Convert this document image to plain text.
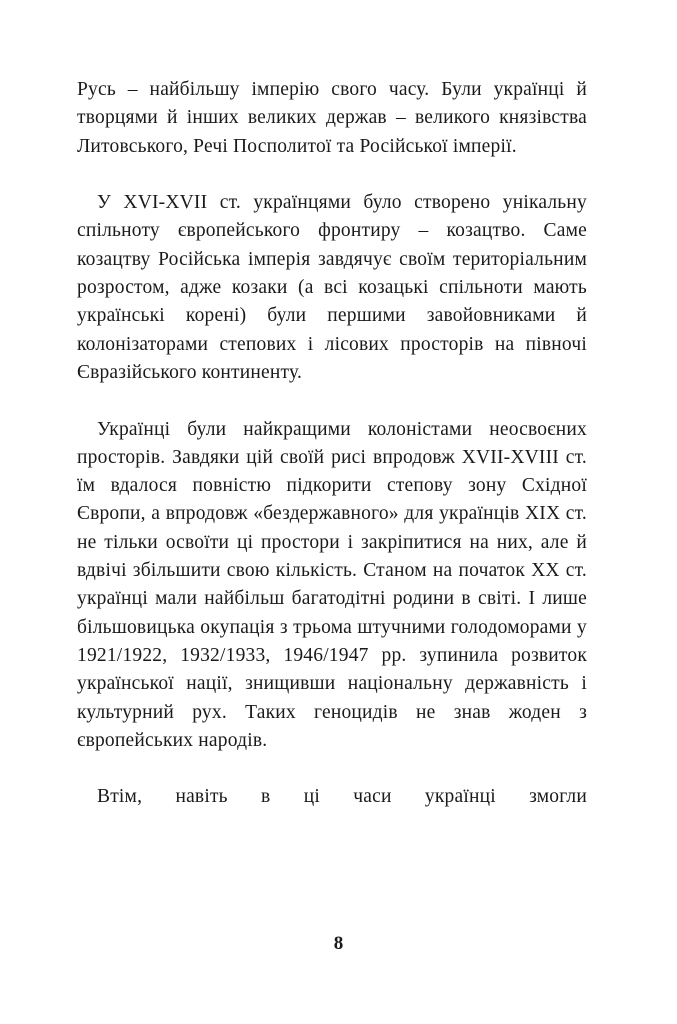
Русь – найбільшу імперію свого часу. Були українці й творцями й інших великих держав – великого князівства Литовського, Речі Посполитої та Російської імперії.

У XVI-XVII ст. українцями було створено унікальну спільноту європейського фронтиру – козацтво. Саме козацтву Російська імперія завдячує своїм територіальним розростом, адже козаки (а всі козацькі спільноти мають українські корені) були першими завойовниками й колонізаторами степових і лісових просторів на півночі Євразійського континенту.

Українці були найкращими колоністами неосвоєних просторів. Завдяки цій своїй рисі впродовж XVII-XVIII ст. їм вдалося повністю підкорити степову зону Східної Європи, а впродовж «бездержавного» для українців XIX ст. не тільки освоїти ці простори і закріпитися на них, але й вдвічі збільшити свою кількість. Станом на початок XX ст. українці мали найбільш багатодітні родини в світі. І лише більшовицька окупація з трьома штучними голодоморами у 1921/1922, 1932/1933, 1946/1947 рр. зупинила розвиток української нації, знищивши національну державність і культурний рух. Таких геноцидів не знав жоден з європейських народів.

Втім, навіть в ці часи українці змогли

8
